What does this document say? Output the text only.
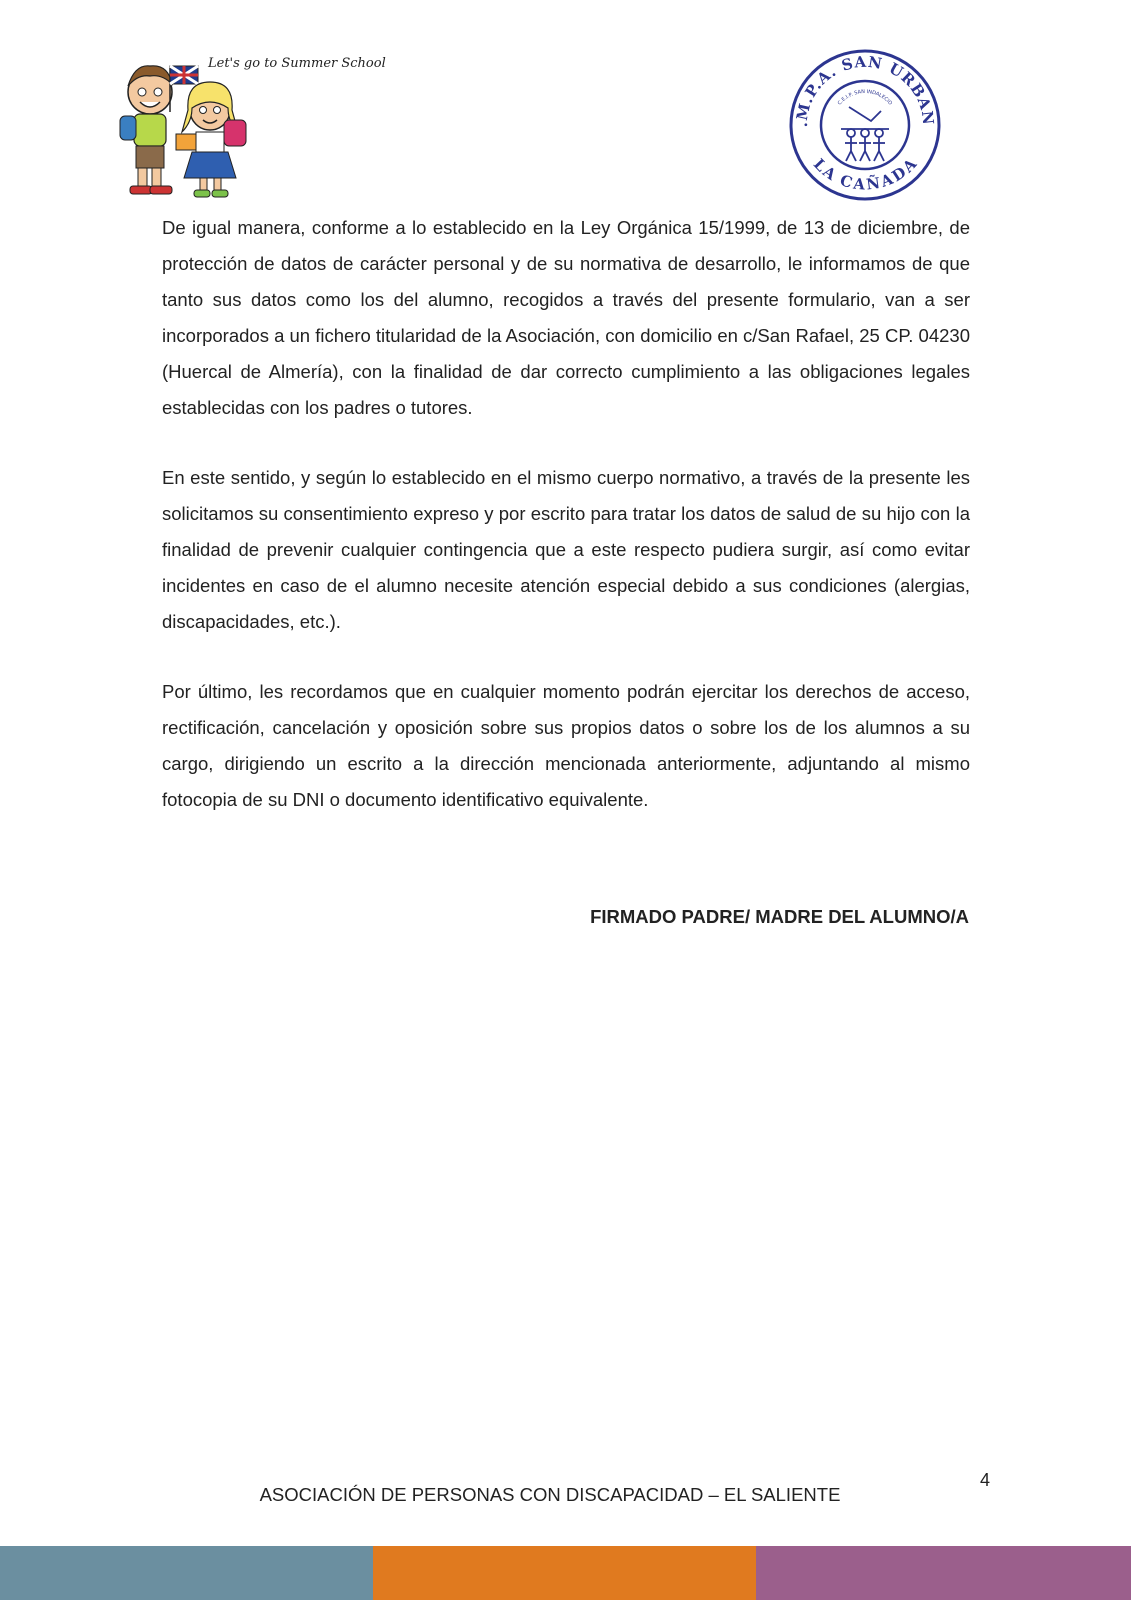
Let's go to Summer School
.M.P.A. SAN URBAN
LA CAÑADA
C.E.I.P. SAN INDALECIO

De igual manera, conforme a lo establecido en la Ley Orgánica 15/1999, de 13 de diciembre, de protección de datos de carácter personal y de su normativa de desarrollo, le informamos de que tanto sus datos como los del alumno, recogidos a través del presente formulario, van a ser incorporados a un fichero titularidad de la Asociación, con domicilio en c/San Rafael, 25 CP. 04230 (Huercal de Almería), con la finalidad de dar correcto cumplimiento a las obligaciones legales establecidas con los padres o tutores.

En este sentido, y según lo establecido en el mismo cuerpo normativo, a través de la presente les solicitamos su consentimiento expreso y por escrito para tratar los datos de salud de su hijo con la finalidad de prevenir cualquier contingencia que a este respecto pudiera surgir, así como evitar incidentes en caso de el alumno necesite atención especial debido a sus condiciones (alergias, discapacidades, etc.).

Por último, les recordamos que en cualquier momento podrán ejercitar los derechos de acceso, rectificación, cancelación y oposición sobre sus propios datos o sobre los de los alumnos a su cargo, dirigiendo un escrito a la dirección mencionada anteriormente, adjuntando al mismo fotocopia de su DNI o documento identificativo equivalente.

FIRMADO PADRE/ MADRE DEL ALUMNO/A
ASOCIACIÓN DE PERSONAS CON DISCAPACIDAD – EL SALIENTE
4
